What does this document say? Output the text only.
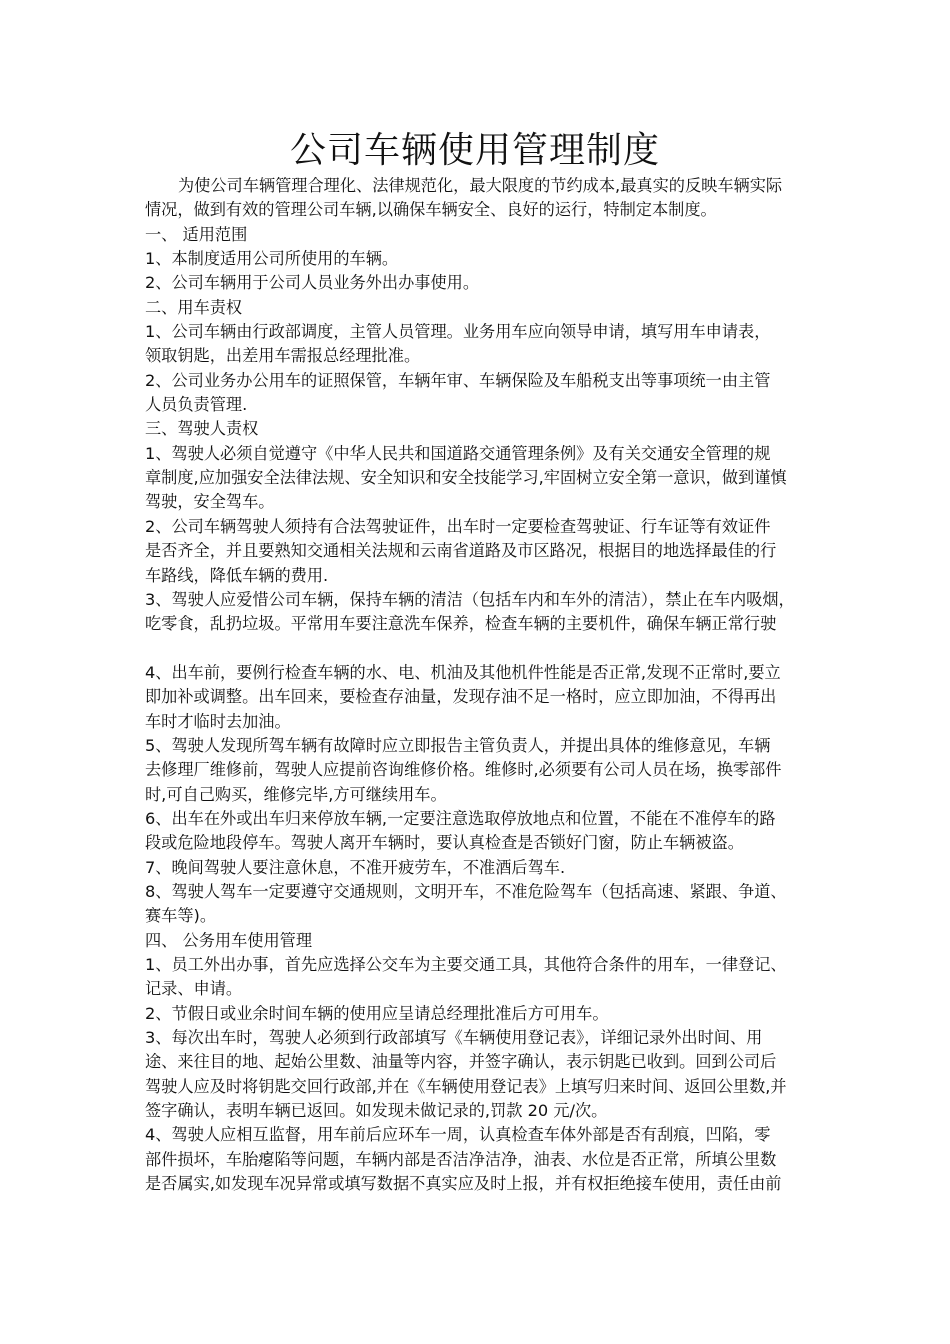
公司车辆使用管理制度
为使公司车辆管理合理化、法律规范化，最大限度的节约成本,最真实的反映车辆实际
情况，做到有效的管理公司车辆,以确保车辆安全、良好的运行，特制定本制度。
一、 适用范围
1、本制度适用公司所使用的车辆。
2、公司车辆用于公司人员业务外出办事使用。
二、用车责权
1、公司车辆由行政部调度，主管人员管理。业务用车应向领导申请，填写用车申请表，
领取钥匙，出差用车需报总经理批准。
2、公司业务办公用车的证照保管，车辆年审、车辆保险及车船税支出等事项统一由主管
人员负责管理.
三、驾驶人责权
1、驾驶人必须自觉遵守《中华人民共和国道路交通管理条例》及有关交通安全管理的规
章制度,应加强安全法律法规、安全知识和安全技能学习,牢固树立安全第一意识，做到谨慎
驾驶，安全驾车。
2、公司车辆驾驶人须持有合法驾驶证件，出车时一定要检查驾驶证、行车证等有效证件
是否齐全，并且要熟知交通相关法规和云南省道路及市区路况，根据目的地选择最佳的行
车路线，降低车辆的费用.
3、驾驶人应爱惜公司车辆，保持车辆的清洁（包括车内和车外的清洁），禁止在车内吸烟，
吃零食，乱扔垃圾。平常用车要注意洗车保养，检查车辆的主要机件，确保车辆正常行驶
4、出车前，要例行检查车辆的水、电、机油及其他机件性能是否正常,发现不正常时,要立
即加补或调整。出车回来，要检查存油量，发现存油不足一格时，应立即加油，不得再出
车时才临时去加油。
5、驾驶人发现所驾车辆有故障时应立即报告主管负责人，并提出具体的维修意见，车辆
去修理厂维修前，驾驶人应提前咨询维修价格。维修时,必须要有公司人员在场，换零部件
时,可自己购买，维修完毕,方可继续用车。
6、出车在外或出车归来停放车辆,一定要注意选取停放地点和位置，不能在不准停车的路
段或危险地段停车。驾驶人离开车辆时，要认真检查是否锁好门窗，防止车辆被盗。
7、晚间驾驶人要注意休息，不准开疲劳车，不准酒后驾车.
8、驾驶人驾车一定要遵守交通规则，文明开车，不准危险驾车（包括高速、紧跟、争道、
赛车等)。
四、 公务用车使用管理
1、员工外出办事，首先应选择公交车为主要交通工具，其他符合条件的用车，一律登记、
记录、申请。
2、节假日或业余时间车辆的使用应呈请总经理批准后方可用车。
3、每次出车时，驾驶人必须到行政部填写《车辆使用登记表》，详细记录外出时间、用
途、来往目的地、起始公里数、油量等内容，并签字确认，表示钥匙已收到。回到公司后
驾驶人应及时将钥匙交回行政部,并在《车辆使用登记表》上填写归来时间、返回公里数,并
签字确认，表明车辆已返回。如发现未做记录的,罚款 20 元/次。
4、驾驶人应相互监督，用车前后应环车一周，认真检查车体外部是否有刮痕，凹陷，零
部件损坏，车胎瘪陷等问题，车辆内部是否洁净洁净，油表、水位是否正常，所填公里数
是否属实,如发现车况异常或填写数据不真实应及时上报，并有权拒绝接车使用，责任由前
